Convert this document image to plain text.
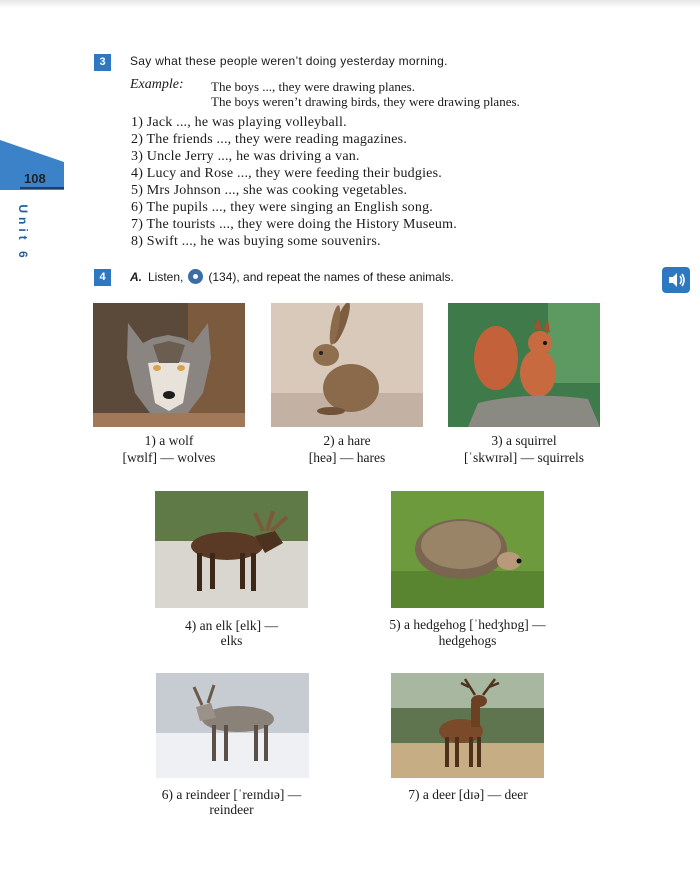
108
Unit 6
3	Say what these people weren’t doing yesterday morning.
Example: The boys ..., they were drawing planes.
The boys weren’t drawing birds, they were drawing planes.
1) Jack ..., he was playing volleyball.
2) The friends ..., they were reading magazines.
3) Uncle Jerry ..., he was driving a van.
4) Lucy and Rose ..., they were feeding their budgies.
5) Mrs Johnson ..., she was cooking vegetables.
6) The pupils ..., they were singing an English song.
7) The tourists ..., they were doing the History Museum.
8) Swift ..., he was buying some souvenirs.
4	A. Listen, (134), and repeat the names of these animals.
1) a wolf
[wʊlf] — wolves
2) a hare
[heə] — hares
3) a squirrel
[ˈskwɪrəl] — squirrels
4) an elk [elk] —
elks
5) a hedgehog [ˈhedʒhɒg] —
hedgehogs
6) a reindeer [ˈreɪndɪə] —
reindeer
7) a deer [dɪə] — deer
